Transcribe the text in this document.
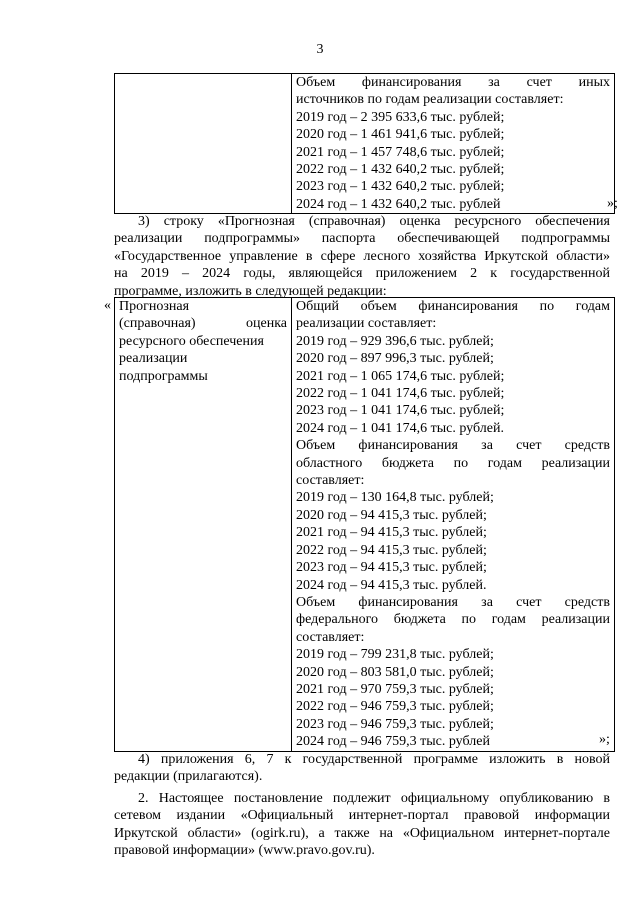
3

Объем финансирования за счет иных
источников по годам реализации составляет:
2019 год – 2 395 633,6 тыс. рублей;
2020 год – 1 461 941,6 тыс. рублей;
2021 год – 1 457 748,6 тыс. рублей;
2022 год – 1 432 640,2 тыс. рублей;
2023 год – 1 432 640,2 тыс. рублей;
2024 год – 1 432 640,2 тыс. рублей	»;
3) строку «Прогнозная (справочная) оценка ресурсного обеспечения
реализации подпрограммы» паспорта обеспечивающей подпрограммы
«Государственное управление в сфере лесного хозяйства Иркутской области»
на 2019 – 2024 годы, являющейся приложением 2 к государственной
программе, изложить в следующей редакции:
« Прогнозная
(справочная) оценка
ресурсного обеспечения
реализации
подпрограммы

Общий объем финансирования по годам
реализации составляет:
2019 год – 929 396,6 тыс. рублей;
2020 год – 897 996,3 тыс. рублей;
2021 год – 1 065 174,6 тыс. рублей;
2022 год – 1 041 174,6 тыс. рублей;
2023 год – 1 041 174,6 тыс. рублей;
2024 год – 1 041 174,6 тыс. рублей.
Объем финансирования за счет средств
областного бюджета по годам реализации
составляет:
2019 год – 130 164,8 тыс. рублей;
2020 год – 94 415,3 тыс. рублей;
2021 год – 94 415,3 тыс. рублей;
2022 год – 94 415,3 тыс. рублей;
2023 год – 94 415,3 тыс. рублей;
2024 год – 94 415,3 тыс. рублей.
Объем финансирования за счет средств
федерального бюджета по годам реализации
составляет:
2019 год – 799 231,8 тыс. рублей;
2020 год – 803 581,0 тыс. рублей;
2021 год – 970 759,3 тыс. рублей;
2022 год – 946 759,3 тыс. рублей;
2023 год – 946 759,3 тыс. рублей;
2024 год – 946 759,3 тыс. рублей	»;
4) приложения 6, 7 к государственной программе изложить в новой
редакции (прилагаются).
2. Настоящее постановление подлежит официальному опубликованию в
сетевом издании «Официальный интернет-портал правовой информации
Иркутской области» (ogirk.ru), а также на «Официальном интернет-портале
правовой информации» (www.pravo.gov.ru).
